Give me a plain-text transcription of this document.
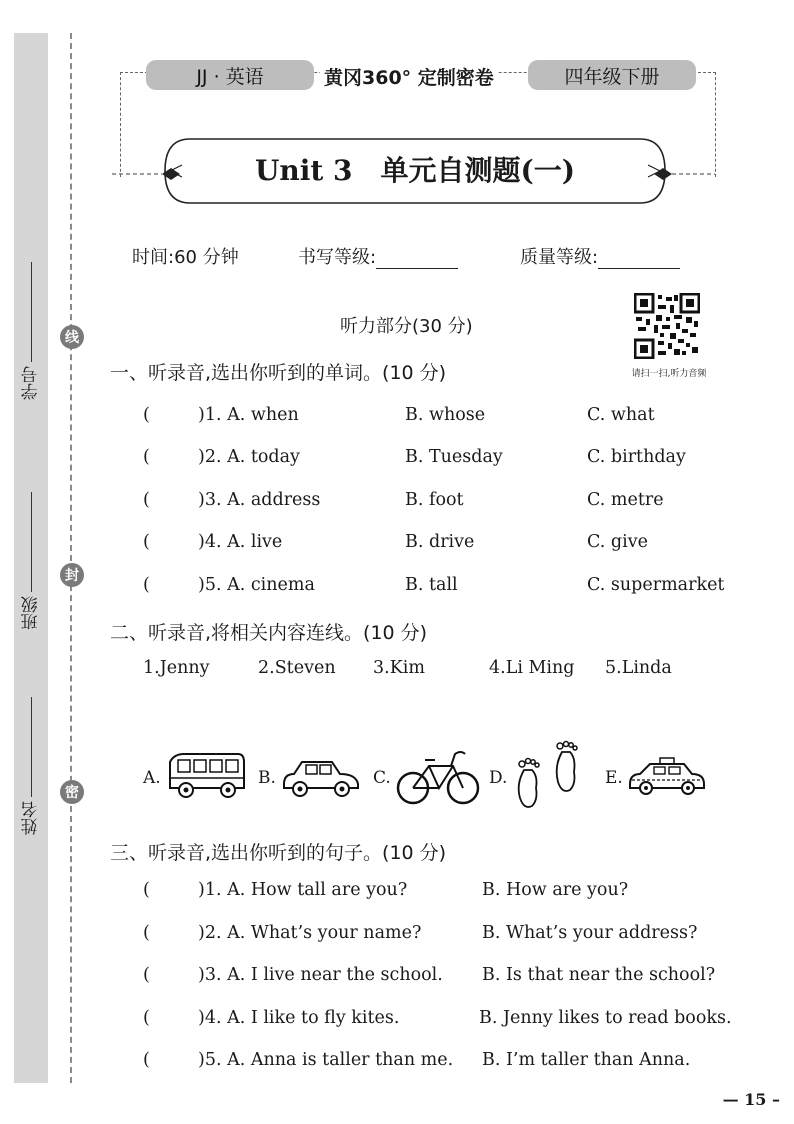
学号
班级
姓名
线
封
密
JJ · 英语	黄冈360° 定制密卷	四年级下册
Unit 3　单元自测题(一)
时间:60 分钟	书写等级:	质量等级:
听力部分(30 分)
请扫一扫,听力音频
一、听录音,选出你听到的单词。(10 分)
(	)1. A. when	B. whose	C. what
(	)2. A. today	B. Tuesday	C. birthday
(	)3. A. address	B. foot	C. metre
(	)4. A. live	B. drive	C. give
(	)5. A. cinema	B. tall	C. supermarket
二、听录音,将相关内容连线。(10 分)
1.Jenny	2.Steven 3.Kim	4.Li Ming 5.Linda
A.	B.	C.	D.	E.
三、听录音,选出你听到的句子。(10 分)
(	)1. A. How tall are you?	B. How are you?
(	)2. A. What’s your name?	B. What’s your address?
(	)3. A. I live near the school. B. Is that near the school?
(	)4. A. I like to fly kites.	B. Jenny likes to read books.
(	)5. A. Anna is taller than me. B. I’m taller than Anna.
— 15 –
